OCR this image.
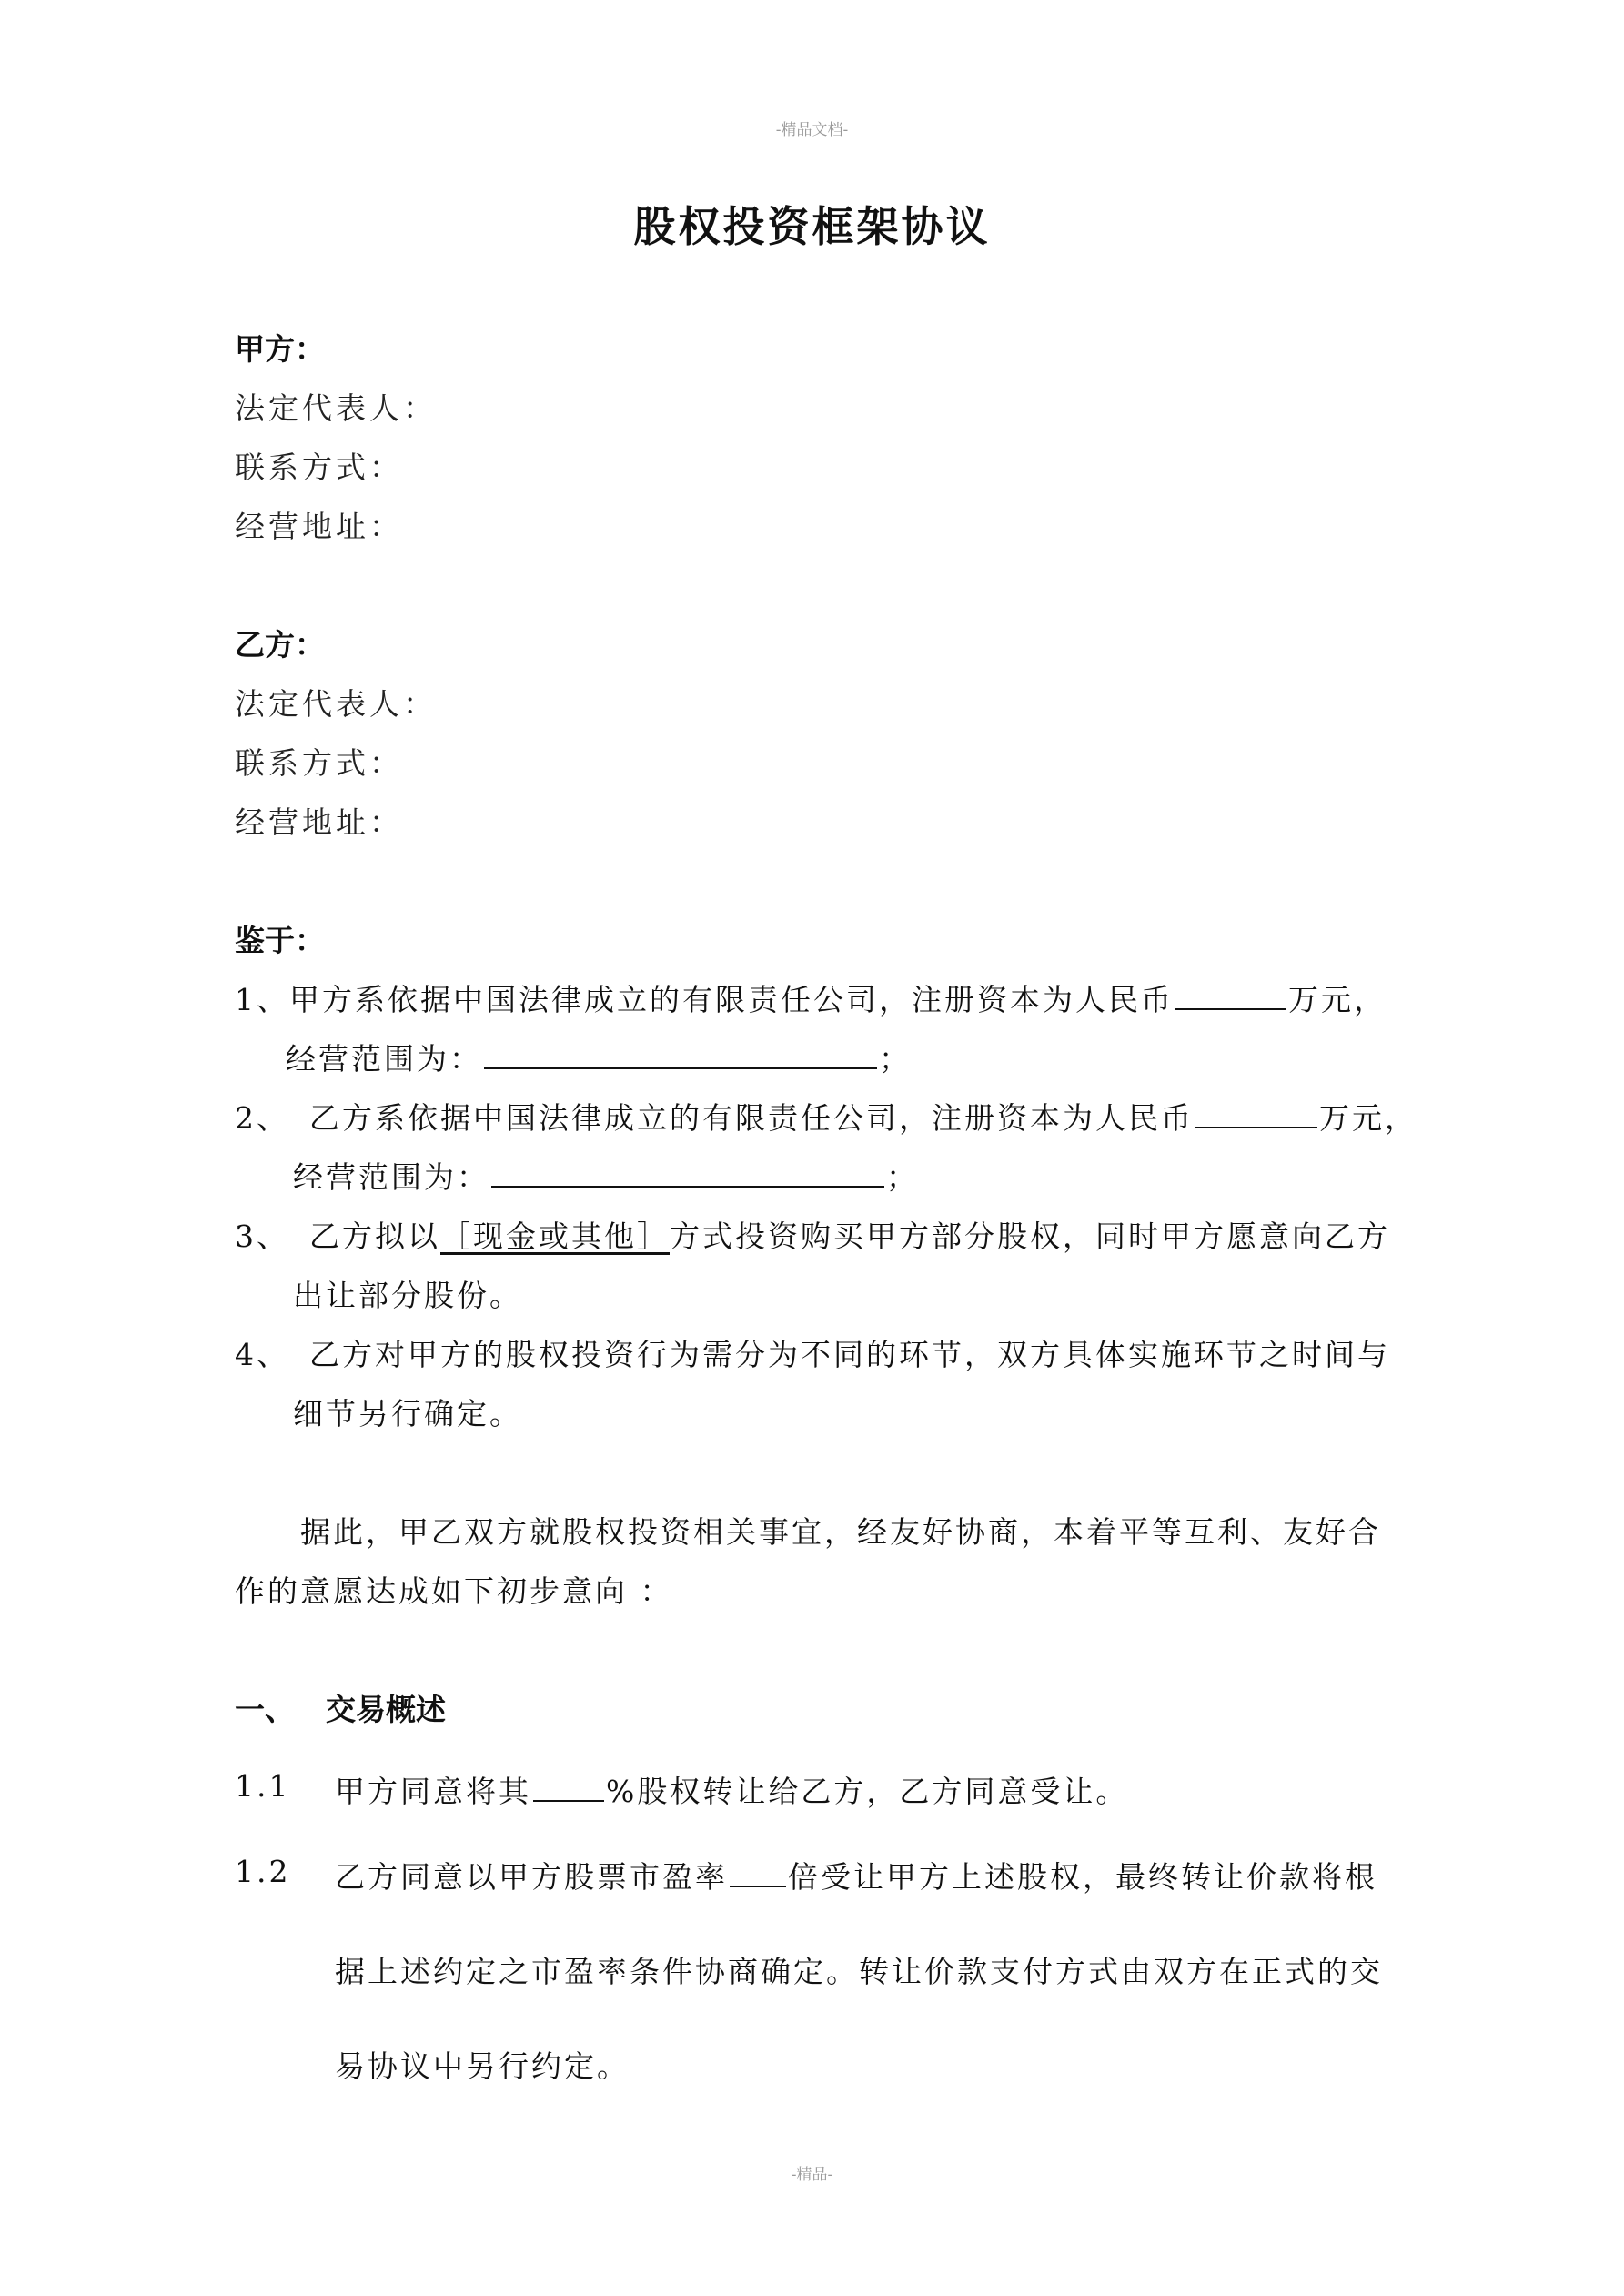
-精品文档-
股权投资框架协议
甲方：
法定代表人：
联系方式：
经营地址：
乙方：
法定代表人：
联系方式：
经营地址：
鉴于：
1、甲方系依据中国法律成立的有限责任公司，注册资本为人民币	万元，
经营范围为：	；
2、 乙方系依据中国法律成立的有限责任公司，注册资本为人民币	万元，
经营范围为：	；
3、 乙方拟以［现金或其他］方式投资购买甲方部分股权，同时甲方愿意向乙方
出让部分股份。
4、 乙方对甲方的股权投资行为需分为不同的环节，双方具体实施环节之时间与
细节另行确定。
据此，甲乙双方就股权投资相关事宜，经友好协商，本着平等互利、友好合
作的意愿达成如下初步意向 ：
一、 交易概述
1.1 甲方同意将其 %股权转让给乙方，乙方同意受让。
1.2 乙方同意以甲方股票市盈率 倍受让甲方上述股权，最终转让价款将根
据上述约定之市盈率条件协商确定。转让价款支付方式由双方在正式的交
易协议中另行约定。
-精品-
